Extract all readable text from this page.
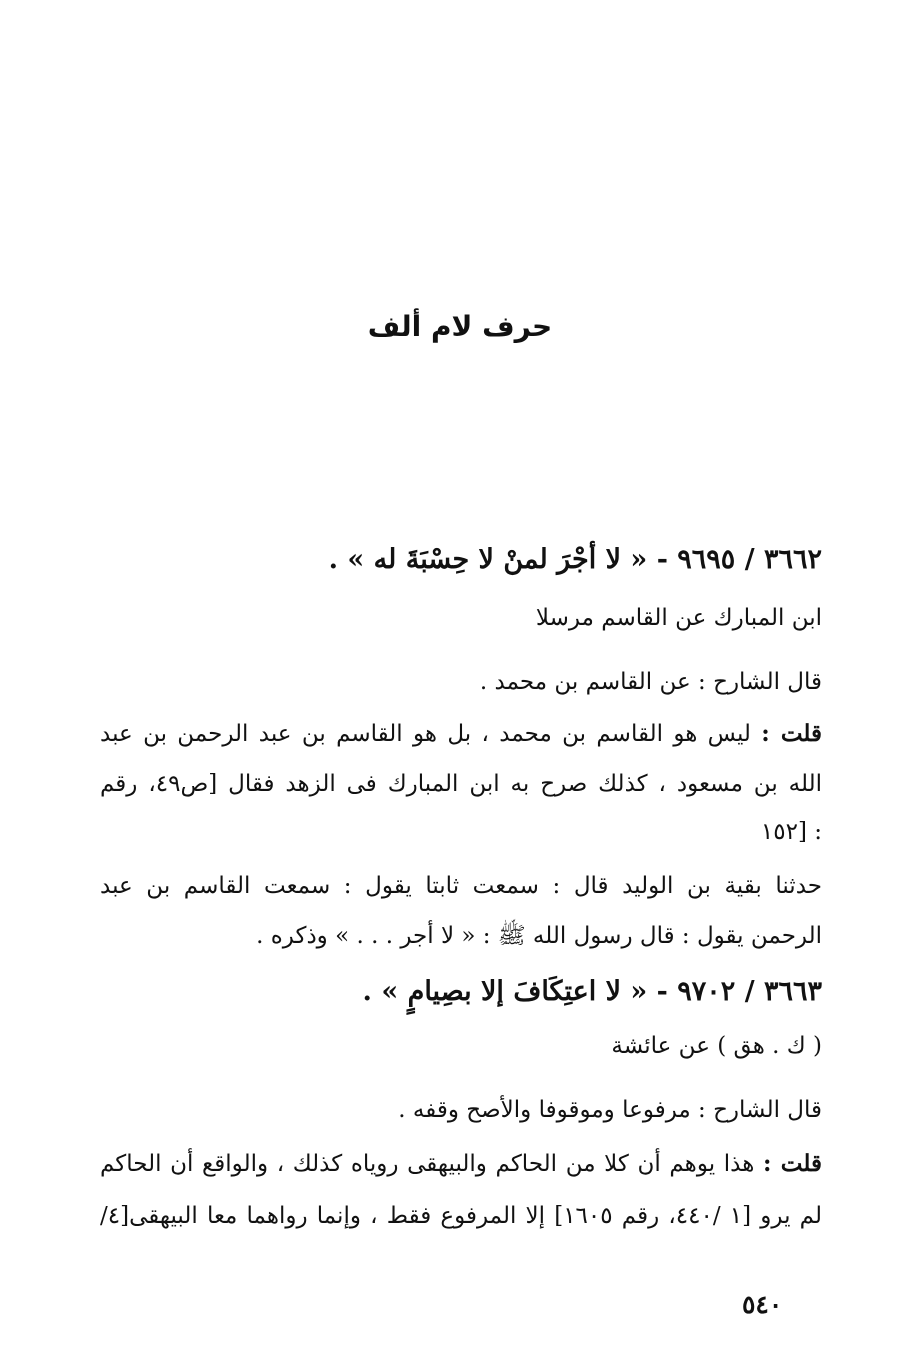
حرف لام ألف
٣٦٦٢ / ٩٦٩٥ - « لا أجْرَ لمنْ لا حِسْبَةَ له » .
ابن المبارك عن القاسم مرسلا
قال الشارح : عن القاسم بن محمد .
قلت : ليس هو القاسم بن محمد ، بل هو القاسم بن عبد الرحمن بن عبد
الله بن مسعود ، كذلك صرح به ابن المبارك فى الزهد فقال [ص٤٩، رقم
: [١٥٢
حدثنا بقية بن الوليد قال : سمعت ثابتا يقول : سمعت القاسم بن عبد
الرحمن يقول : قال رسول الله ﷺ : « لا أجر . . . » وذكره .
٣٦٦٣ / ٩٧٠٢ - « لا اعتِكَافَ إلا بصِيامٍ » .
( ك . هق ) عن عائشة
قال الشارح : مرفوعا وموقوفا والأصح وقفه .
قلت : هذا يوهم أن كلا من الحاكم والبيهقى روياه كذلك ، والواقع أن الحاكم
لم يرو [١ /٤٤٠، رقم ١٦٠٥] إلا المرفوع فقط ، وإنما رواهما معا البيهقى[٤/
٥٤٠
